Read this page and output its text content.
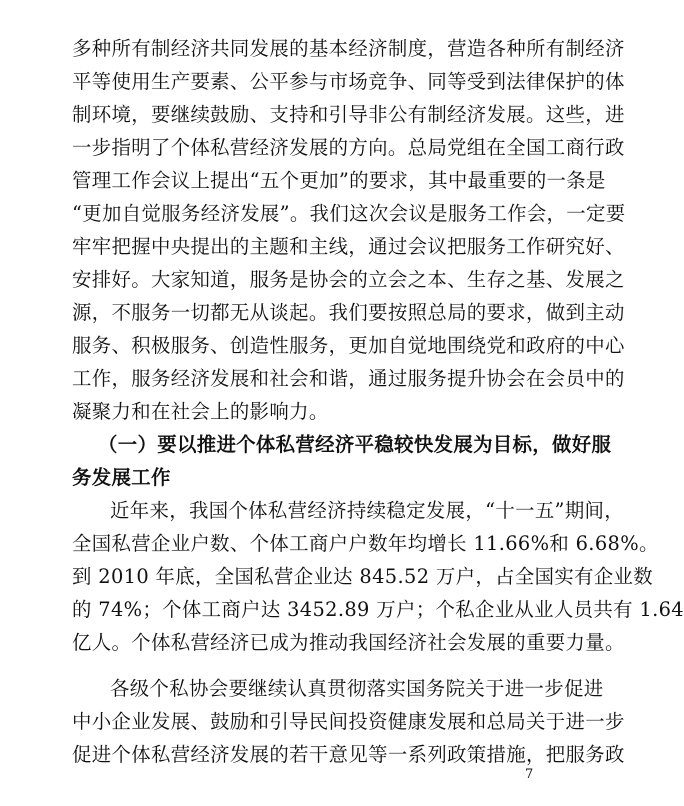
多种所有制经济共同发展的基本经济制度，营造各种所有制经济
平等使用生产要素、公平参与市场竞争、同等受到法律保护的体
制环境，要继续鼓励、支持和引导非公有制经济发展。这些，进
一步指明了个体私营经济发展的方向。总局党组在全国工商行政
管理工作会议上提出“五个更加”的要求，其中最重要的一条是
“更加自觉服务经济发展”。我们这次会议是服务工作会，一定要
牢牢把握中央提出的主题和主线，通过会议把服务工作研究好、
安排好。大家知道，服务是协会的立会之本、生存之基、发展之
源，不服务一切都无从谈起。我们要按照总局的要求，做到主动
服务、积极服务、创造性服务，更加自觉地围绕党和政府的中心
工作，服务经济发展和社会和谐，通过服务提升协会在会员中的
凝聚力和在社会上的影响力。
（一）要以推进个体私营经济平稳较快发展为目标，做好服
务发展工作
近年来，我国个体私营经济持续稳定发展，“十一五”期间，
全国私营企业户数、个体工商户户数年均增长 11.66%和 6.68%。
到 2010 年底，全国私营企业达 845.52 万户，占全国实有企业数
的 74%；个体工商户达 3452.89 万户；个私企业从业人员共有 1.64
亿人。个体私营经济已成为推动我国经济社会发展的重要力量。
各级个私协会要继续认真贯彻落实国务院关于进一步促进
中小企业发展、鼓励和引导民间投资健康发展和总局关于进一步
促进个体私营经济发展的若干意见等一系列政策措施，把服务政
7
